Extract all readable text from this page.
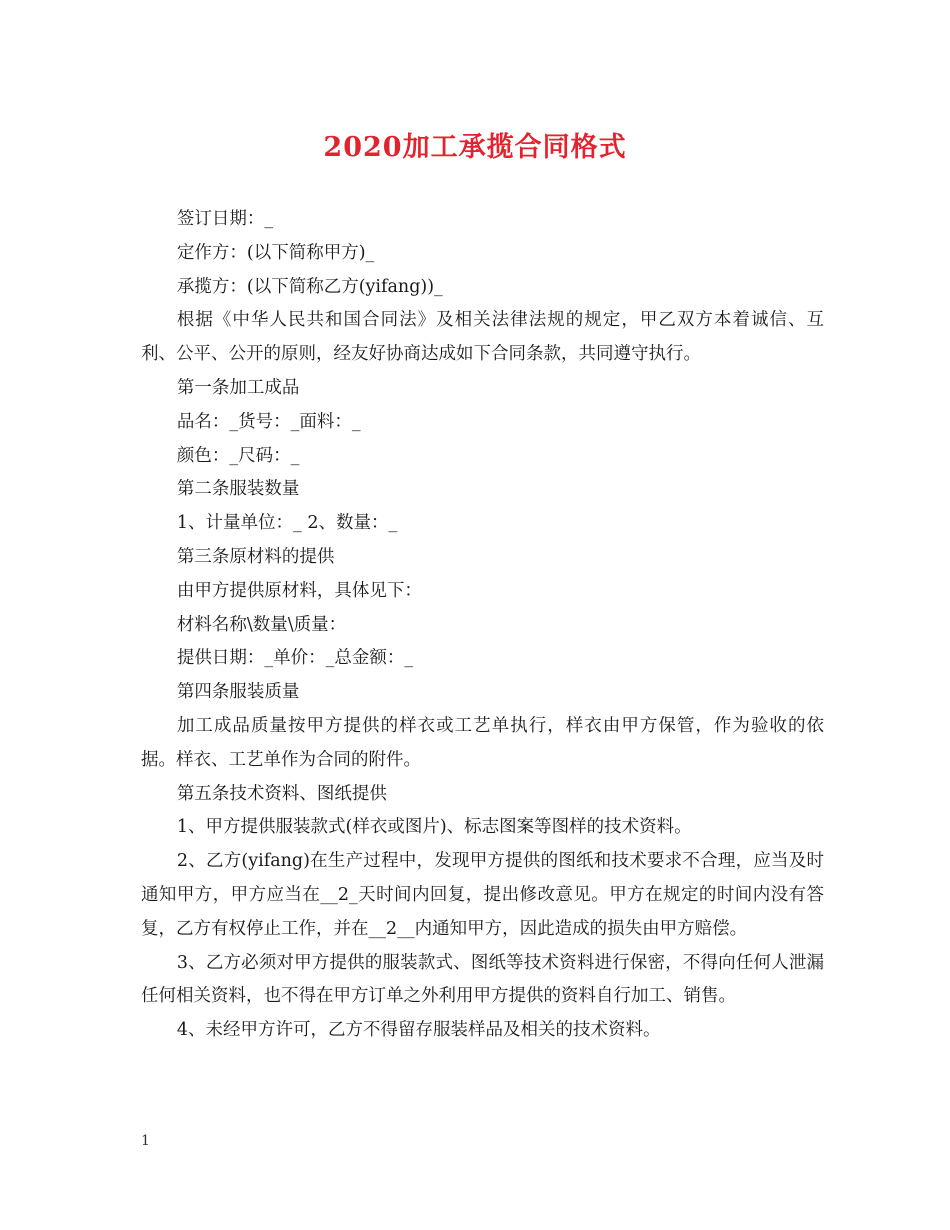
2020加工承揽合同格式

签订日期：_

定作方：(以下简称甲方)_

承揽方：(以下简称乙方(yifang))_

根据《中华人民共和国合同法》及相关法律法规的规定，甲乙双方本着诚信、互利、公平、公开的原则，经友好协商达成如下合同条款，共同遵守执行。

第一条加工成品

品名：_货号：_面料：_

颜色：_尺码：_

第二条服装数量

1、计量单位：_ 2、数量：_

第三条原材料的提供

由甲方提供原材料，具体见下：

材料名称\数量\质量：

提供日期：_单价：_总金额：_

第四条服装质量

加工成品质量按甲方提供的样衣或工艺单执行，样衣由甲方保管，作为验收的依据。样衣、工艺单作为合同的附件。

第五条技术资料、图纸提供

1、甲方提供服装款式(样衣或图片)、标志图案等图样的技术资料。

2、乙方(yifang)在生产过程中，发现甲方提供的图纸和技术要求不合理，应当及时通知甲方，甲方应当在__2_天时间内回复，提出修改意见。甲方在规定的时间内没有答复，乙方有权停止工作，并在__2__内通知甲方，因此造成的损失由甲方赔偿。

3、乙方必须对甲方提供的服装款式、图纸等技术资料进行保密，不得向任何人泄漏任何相关资料，也不得在甲方订单之外利用甲方提供的资料自行加工、销售。

4、未经甲方许可，乙方不得留存服装样品及相关的技术资料。

1
